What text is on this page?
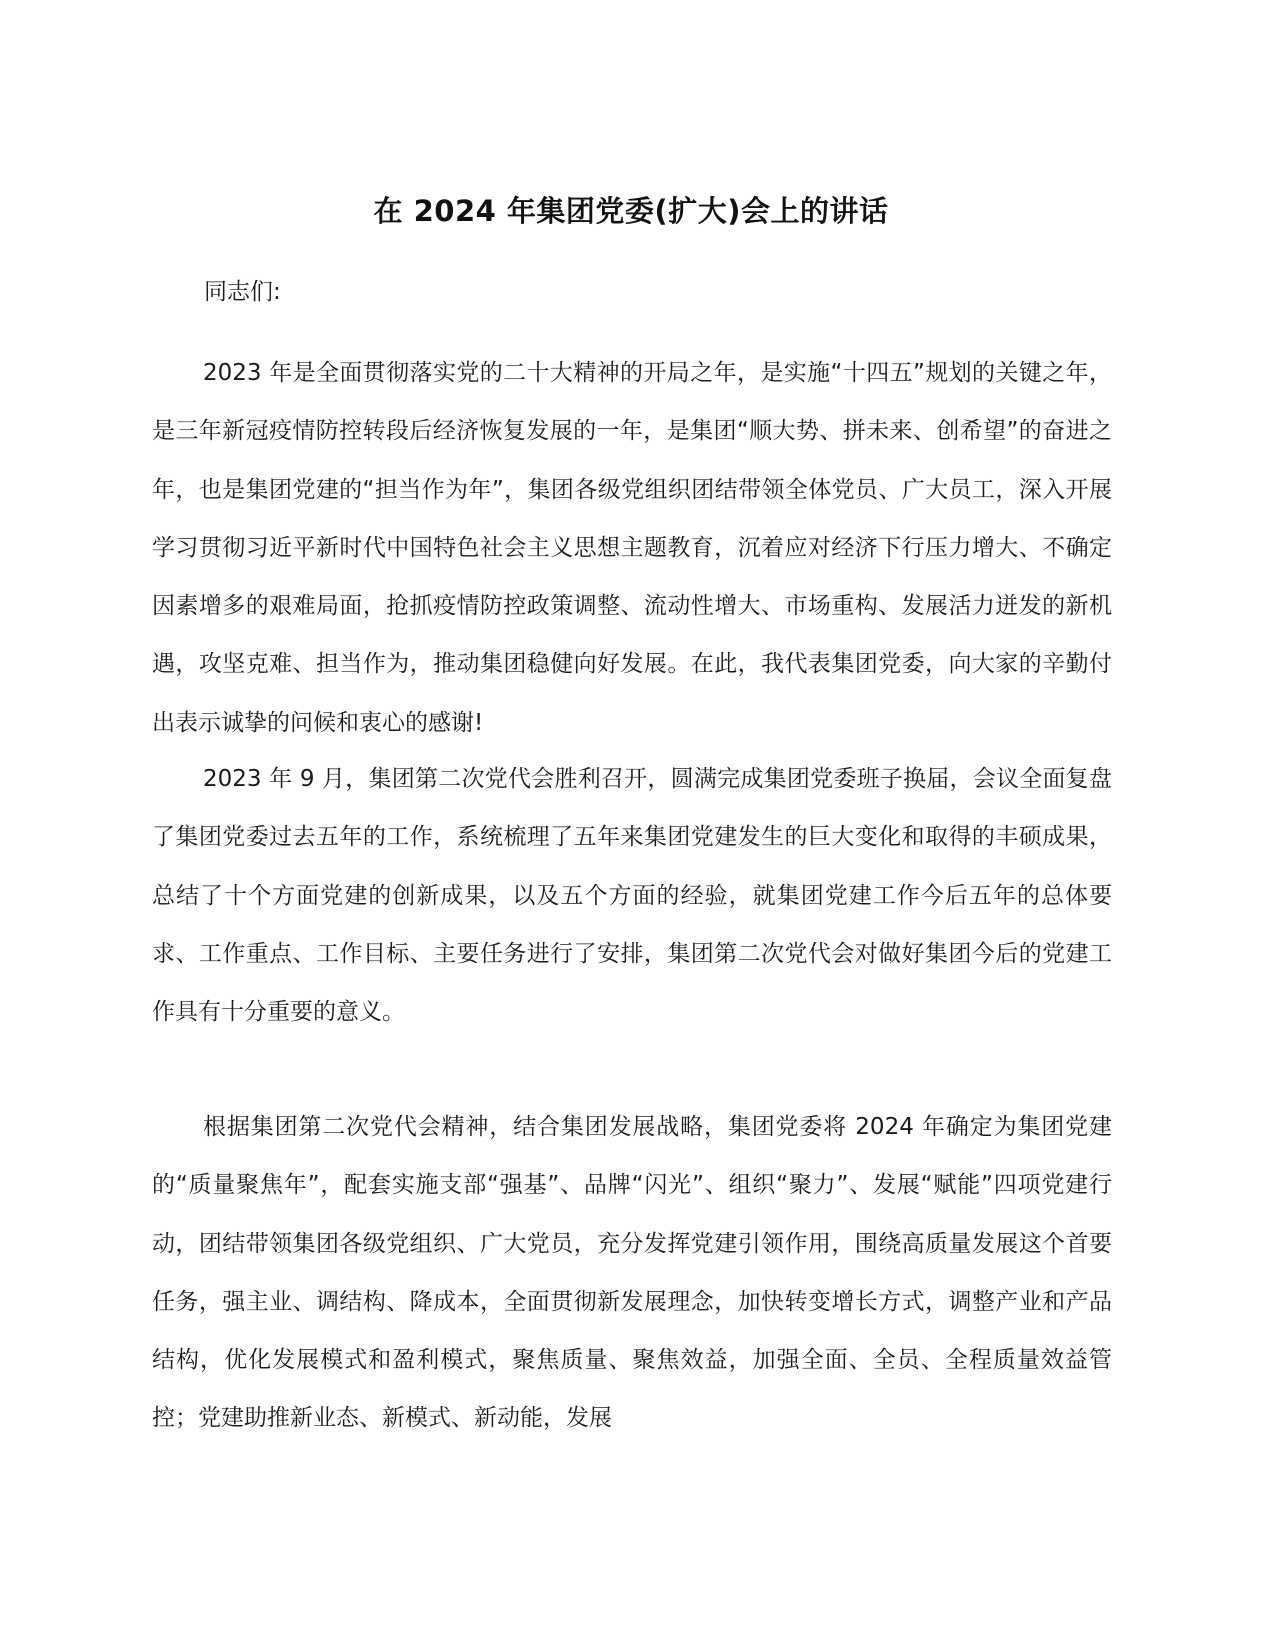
在 2024 年集团党委(扩大)会上的讲话
同志们:

2023 年是全面贯彻落实党的二十大精神的开局之年，是实施“十四五”规划的关键之年，是三年新冠疫情防控转段后经济恢复发展的一年，是集团“顺大势、拼未来、创希望”的奋进之年，也是集团党建的“担当作为年”，集团各级党组织团结带领全体党员、广大员工，深入开展学习贯彻习近平新时代中国特色社会主义思想主题教育，沉着应对经济下行压力增大、不确定因素增多的艰难局面，抢抓疫情防控政策调整、流动性增大、市场重构、发展活力迸发的新机遇，攻坚克难、担当作为，推动集团稳健向好发展。在此，我代表集团党委，向大家的辛勤付出表示诚挚的问候和衷心的感谢!

2023 年 9 月，集团第二次党代会胜利召开，圆满完成集团党委班子换届，会议全面复盘了集团党委过去五年的工作，系统梳理了五年来集团党建发生的巨大变化和取得的丰硕成果，总结了十个方面党建的创新成果，以及五个方面的经验，就集团党建工作今后五年的总体要求、工作重点、工作目标、主要任务进行了安排，集团第二次党代会对做好集团今后的党建工作具有十分重要的意义。

根据集团第二次党代会精神，结合集团发展战略，集团党委将 2024 年确定为集团党建的“质量聚焦年”，配套实施支部“强基”、品牌“闪光”、组织“聚力”、发展“赋能”四项党建行动，团结带领集团各级党组织、广大党员，充分发挥党建引领作用，围绕高质量发展这个首要任务，强主业、调结构、降成本，全面贯彻新发展理念，加快转变增长方式，调整产业和产品结构，优化发展模式和盈利模式，聚焦质量、聚焦效益，加强全面、全员、全程质量效益管控；党建助推新业态、新模式、新动能，发展
